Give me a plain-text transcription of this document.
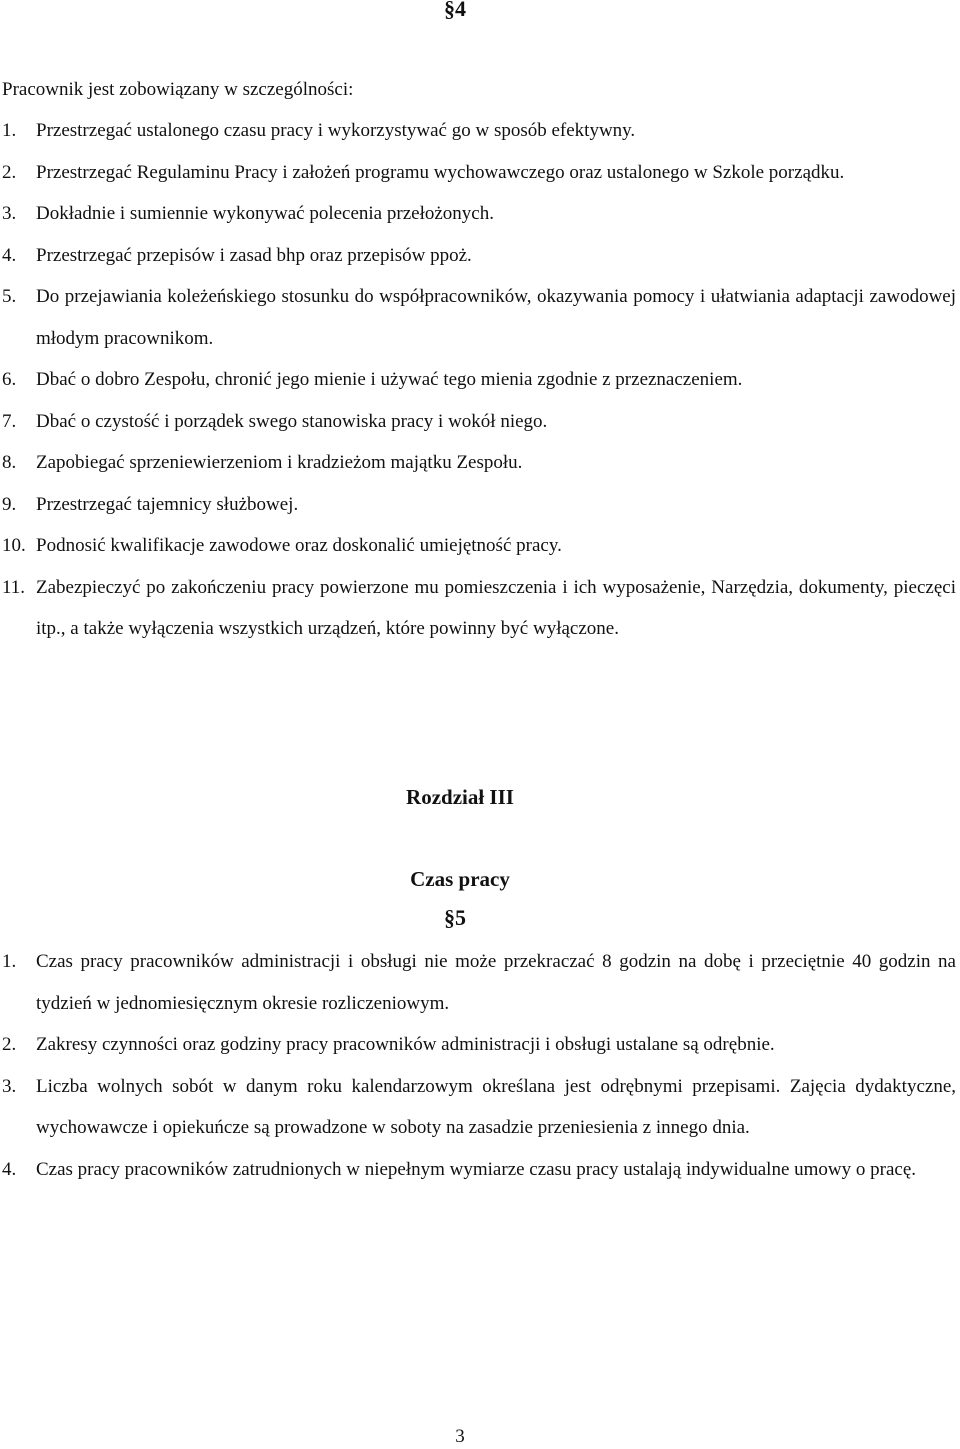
§4
Pracownik jest zobowiązany w szczególności:
1. Przestrzegać ustalonego czasu pracy i wykorzystywać go w sposób efektywny.
2. Przestrzegać Regulaminu Pracy i założeń programu wychowawczego oraz ustalonego w Szkole porządku.
3. Dokładnie i sumiennie wykonywać polecenia przełożonych.
4. Przestrzegać przepisów i zasad bhp oraz przepisów ppoż.
5. Do przejawiania koleżeńskiego stosunku do współpracowników, okazywania pomocy i ułatwiania adaptacji zawodowej młodym pracownikom.
6. Dbać o dobro Zespołu, chronić jego mienie i używać tego mienia zgodnie z przeznaczeniem.
7. Dbać o czystość i porządek swego stanowiska pracy i wokół niego.
8. Zapobiegać sprzeniewierzeniom i kradzieżom majątku Zespołu.
9. Przestrzegać tajemnicy służbowej.
10. Podnosić kwalifikacje zawodowe oraz doskonalić umiejętność pracy.
11. Zabezpieczyć po zakończeniu pracy powierzone mu pomieszczenia i ich wyposażenie, Narzędzia, dokumenty, pieczęci itp., a także wyłączenia wszystkich urządzeń, które powinny być wyłączone.
Rozdział III
Czas pracy
§5
1. Czas pracy pracowników administracji i obsługi nie może przekraczać 8 godzin na dobę i przeciętnie 40 godzin na tydzień w jednomiesięcznym okresie rozliczeniowym.
2. Zakresy czynności oraz godziny pracy pracowników administracji i obsługi ustalane są odrębnie.
3. Liczba wolnych sobót w danym roku kalendarzowym określana jest odrębnymi przepisami. Zajęcia dydaktyczne, wychowawcze i opiekuńcze są prowadzone w soboty na zasadzie przeniesienia z innego dnia.
4. Czas pracy pracowników zatrudnionych w niepełnym wymiarze czasu pracy ustalają indywidualne umowy o pracę.
3
